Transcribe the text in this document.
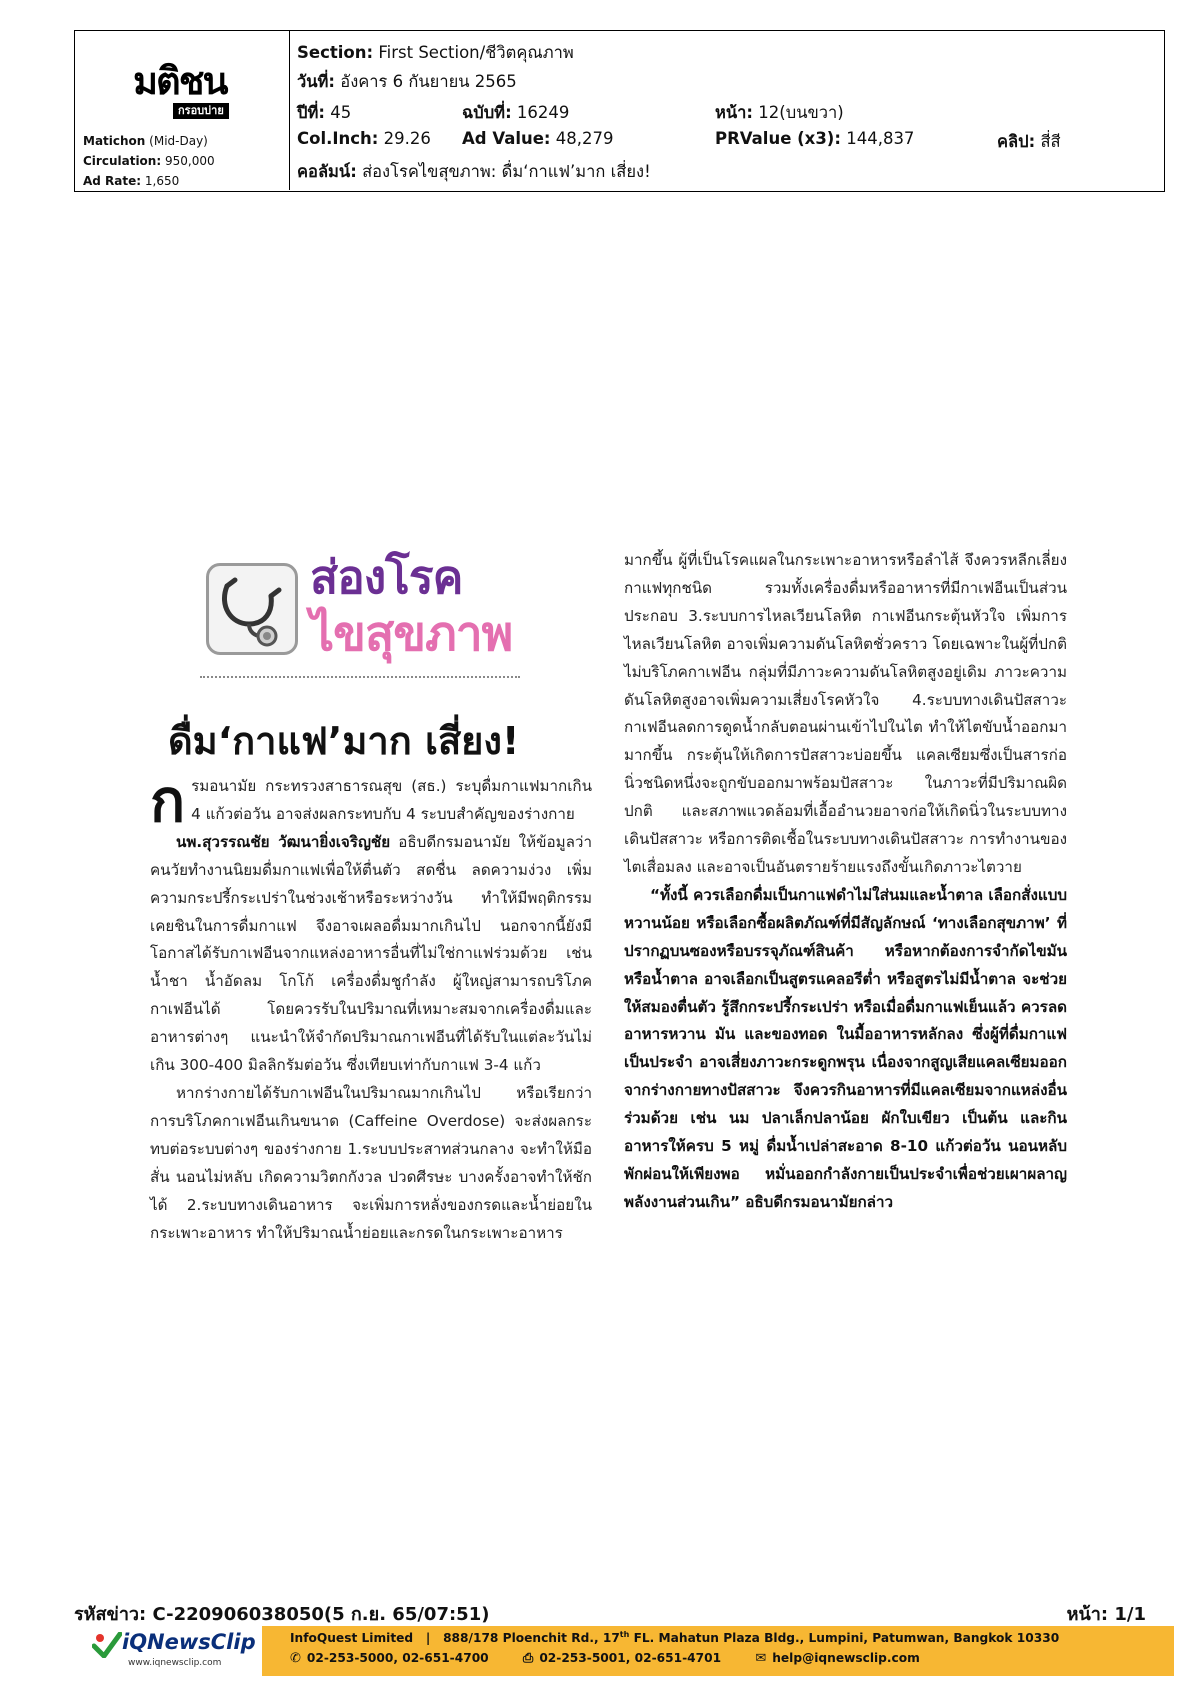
มติชน
กรอบบ่าย
Matichon (Mid-Day)
Circulation: 950,000
Ad Rate: 1,650
Section: First Section/ชีวิตคุณภาพ
วันที่: อังคาร 6 กันยายน 2565
ปีที่: 45	ฉบับที่: 16249	หน้า: 12(บนขวา)
Col.Inch: 29.26 Ad Value: 48,279	PRValue (x3): 144,837	คลิป: สี่สี
คอลัมน์: ส่องโรคไขสุขภาพ: ดื่ม‘กาแฟ’มาก เสี่ยง!
ส่องโรค
ไขสุขภาพ
ดื่ม‘กาแฟ’มาก เสี่ยง!

กรมอนามัย กระทรวงสาธารณสุข (สธ.) ระบุดื่มกาแฟมากเกิน 4 แก้วต่อวัน อาจส่งผลกระทบกับ 4 ระบบสำคัญของร่างกาย

นพ.สุวรรณชัย วัฒนายิ่งเจริญชัย อธิบดีกรมอนามัย ให้ข้อมูลว่า คนวัยทำงานนิยมดื่มกาแฟเพื่อให้ตื่นตัว สดชื่น ลดความง่วง เพิ่มความกระปรี้กระเปร่าในช่วงเช้าหรือระหว่างวัน ทำให้มีพฤติกรรมเคยชินในการดื่มกาแฟ จึงอาจเผลอดื่มมากเกินไป นอกจากนี้ยังมีโอกาสได้รับกาเฟอีนจากแหล่งอาหารอื่นที่ไม่ใช่กาแฟร่วมด้วย เช่น น้ำชา น้ำอัดลม โกโก้ เครื่องดื่มชูกำลัง ผู้ใหญ่สามารถบริโภคกาเฟอีนได้ โดยควรรับในปริมาณที่เหมาะสมจากเครื่องดื่มและอาหารต่างๆ แนะนำให้จำกัดปริมาณกาเฟอีนที่ได้รับในแต่ละวันไม่เกิน 300-400 มิลลิกรัมต่อวัน ซึ่งเทียบเท่ากับกาแฟ 3-4 แก้ว

หากร่างกายได้รับกาเฟอีนในปริมาณมากเกินไป หรือเรียกว่า การบริโภคกาเฟอีนเกินขนาด (Caffeine Overdose) จะส่งผลกระทบต่อระบบต่างๆ ของร่างกาย 1.ระบบประสาทส่วนกลาง จะทำให้มือสั่น นอนไม่หลับ เกิดความวิตกกังวล ปวดศีรษะ บางครั้งอาจทำให้ชักได้ 2.ระบบทางเดินอาหาร จะเพิ่มการหลั่งของกรดและน้ำย่อยในกระเพาะอาหาร ทำให้ปริมาณน้ำย่อยและกรดในกระเพาะอาหาร

มากขึ้น ผู้ที่เป็นโรคแผลในกระเพาะอาหารหรือลำไส้ จึงควรหลีกเลี่ยงกาแฟทุกชนิด รวมทั้งเครื่องดื่มหรืออาหารที่มีกาเฟอีนเป็นส่วนประกอบ 3.ระบบการไหลเวียนโลหิต กาเฟอีนกระตุ้นหัวใจ เพิ่มการไหลเวียนโลหิต อาจเพิ่มความดันโลหิตชั่วคราว โดยเฉพาะในผู้ที่ปกติไม่บริโภคกาเฟอีน กลุ่มที่มีภาวะความดันโลหิตสูงอยู่เดิม ภาวะความดันโลหิตสูงอาจเพิ่มความเสี่ยงโรคหัวใจ 4.ระบบทางเดินปัสสาวะ กาเฟอีนลดการดูดน้ำกลับตอนผ่านเข้าไปในไต ทำให้ไตขับน้ำออกมามากขึ้น กระตุ้นให้เกิดการปัสสาวะบ่อยขึ้น แคลเซียมซึ่งเป็นสารก่อนิ่วชนิดหนึ่งจะถูกขับออกมาพร้อมปัสสาวะ ในภาวะที่มีปริมาณผิดปกติ และสภาพแวดล้อมที่เอื้ออำนวยอาจก่อให้เกิดนิ่วในระบบทางเดินปัสสาวะ หรือการติดเชื้อในระบบทางเดินปัสสาวะ การทำงานของไตเสื่อมลง และอาจเป็นอันตรายร้ายแรงถึงขั้นเกิดภาวะไตวาย

“ทั้งนี้ ควรเลือกดื่มเป็นกาแฟดำไม่ใส่นมและน้ำตาล เลือกสั่งแบบหวานน้อย หรือเลือกซื้อผลิตภัณฑ์ที่มีสัญลักษณ์ ‘ทางเลือกสุขภาพ’ ที่ปรากฏบนซองหรือบรรจุภัณฑ์สินค้า หรือหากต้องการจำกัดไขมัน หรือน้ำตาล อาจเลือกเป็นสูตรแคลอรีต่ำ หรือสูตรไม่มีน้ำตาล จะช่วยให้สมองตื่นตัว รู้สึกกระปรี้กระเปร่า หรือเมื่อดื่มกาแฟเย็นแล้ว ควรลดอาหารหวาน มัน และของทอด ในมื้ออาหารหลักลง ซึ่งผู้ที่ดื่มกาแฟเป็นประจำ อาจเสี่ยงภาวะกระดูกพรุน เนื่องจากสูญเสียแคลเซียมออกจากร่างกายทางปัสสาวะ จึงควรกินอาหารที่มีแคลเซียมจากแหล่งอื่นร่วมด้วย เช่น นม ปลาเล็กปลาน้อย ผักใบเขียว เป็นต้น และกินอาหารให้ครบ 5 หมู่ ดื่มน้ำเปล่าสะอาด 8-10 แก้วต่อวัน นอนหลับพักผ่อนให้เพียงพอ หมั่นออกกำลังกายเป็นประจำเพื่อช่วยเผาผลาญพลังงานส่วนเกิน” อธิบดีกรมอนามัยกล่าว

รหัสข่าว: C-220906038050(5 ก.ย. 65/07:51)	หน้า: 1/1
iQNewsClip
www.iqnewsclip.com
InfoQuest Limited | 888/178 Ploenchit Rd., 17th FL. Mahatun Plaza Bldg., Lumpini, Patumwan, Bangkok 10330
✆ 02-253-5000, 02-651-4700	⎙ 02-253-5001, 02-651-4701	✉ help@iqnewsclip.com
